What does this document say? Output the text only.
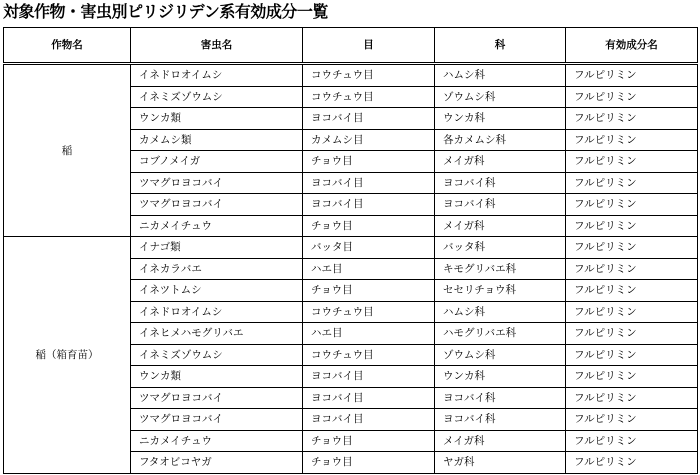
対象作物・害虫別ピリジリデン系有効成分一覧
作物名	害虫名	目	科	有効成分名
稲	イネドロオイムシ	コウチュウ目	ハムシ科	フルピリミン
	イネミズゾウムシ	コウチュウ目	ゾウムシ科	フルピリミン
	ウンカ類	ヨコバイ目	ウンカ科	フルピリミン
	カメムシ類	カメムシ目	各カメムシ科	フルピリミン
	コブノメイガ	チョウ目	メイガ科	フルピリミン
	ツマグロヨコバイ	ヨコバイ目	ヨコバイ科	フルピリミン
	ツマグロヨコバイ	ヨコバイ目	ヨコバイ科	フルピリミン
	ニカメイチュウ	チョウ目	メイガ科	フルピリミン
稲（箱育苗）	イナゴ類	バッタ目	バッタ科	フルピリミン
	イネカラバエ	ハエ目	キモグリバエ科	フルピリミン
	イネツトムシ	チョウ目	セセリチョウ科	フルピリミン
	イネドロオイムシ	コウチュウ目	ハムシ科	フルピリミン
	イネヒメハモグリバエ	ハエ目	ハモグリバエ科	フルピリミン
	イネミズゾウムシ	コウチュウ目	ゾウムシ科	フルピリミン
	ウンカ類	ヨコバイ目	ウンカ科	フルピリミン
	ツマグロヨコバイ	ヨコバイ目	ヨコバイ科	フルピリミン
	ツマグロヨコバイ	ヨコバイ目	ヨコバイ科	フルピリミン
	ニカメイチュウ	チョウ目	メイガ科	フルピリミン
	フタオビコヤガ	チョウ目	ヤガ科	フルピリミン
